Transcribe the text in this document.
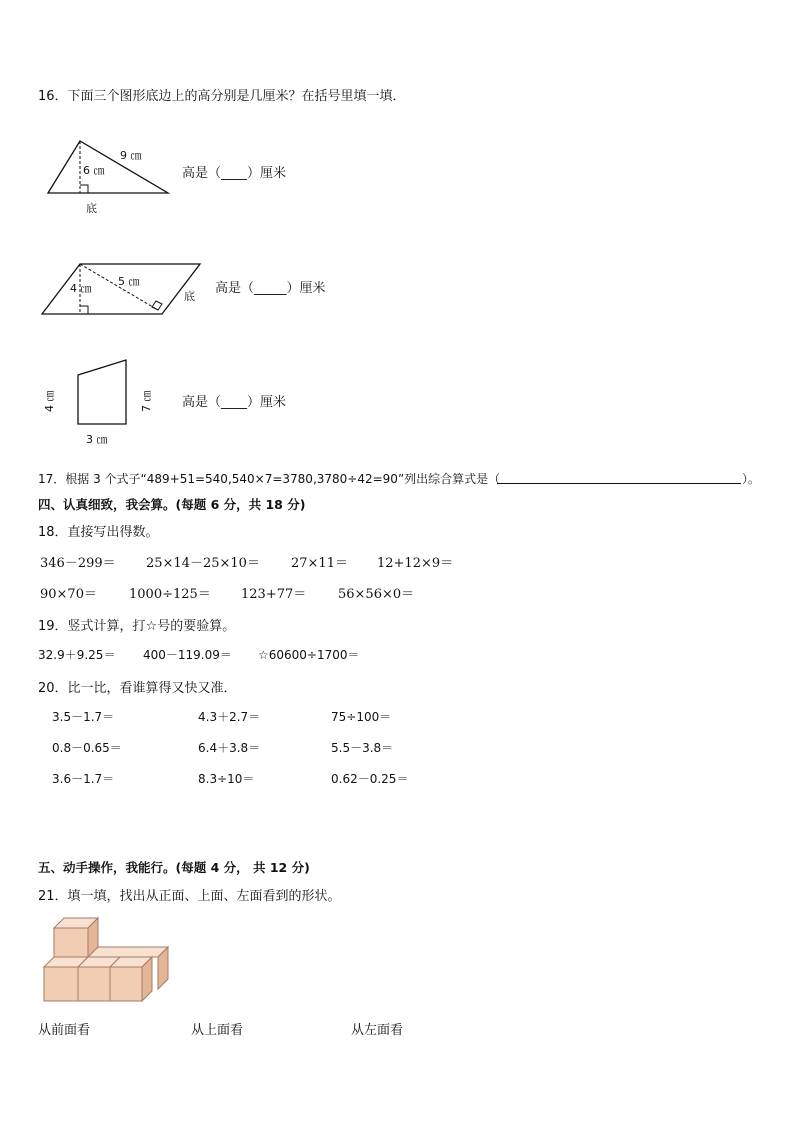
16．下面三个图形底边上的高分别是几厘米？在括号里填一填．
6 ㎝
9 ㎝
底
高是（____）厘米
4 ㎝
5 ㎝
底
高是（_____）厘米
4 ㎝	7 ㎝
3 ㎝
高是（____）厘米
17．根据 3 个式子“489+51=540,540×7=3780,3780÷42=90”列出综合算式是（	）。
四、认真细致，我会算。(每题 6 分，共 18 分)
18．直接写出得数。
346－299＝ 25×14－25×10＝ 27×11＝ 12+12×9＝
90×70＝ 1000÷125＝ 123+77＝ 56×56×0＝
19．竖式计算，打☆号的要验算。
32.9＋9.25＝ 400－119.09＝ ☆60600÷1700＝
20．比一比，看谁算得又快又准．
3.5－1.7＝	4.3＋2.7＝	75÷100＝
0.8－0.65＝	6.4＋3.8＝	5.5－3.8＝
3.6－1.7＝	8.3÷10＝	0.62－0.25＝
五、动手操作，我能行。(每题 4 分， 共 12 分)
21．填一填，找出从正面、上面、左面看到的形状。
从前面看	从上面看	从左面看
